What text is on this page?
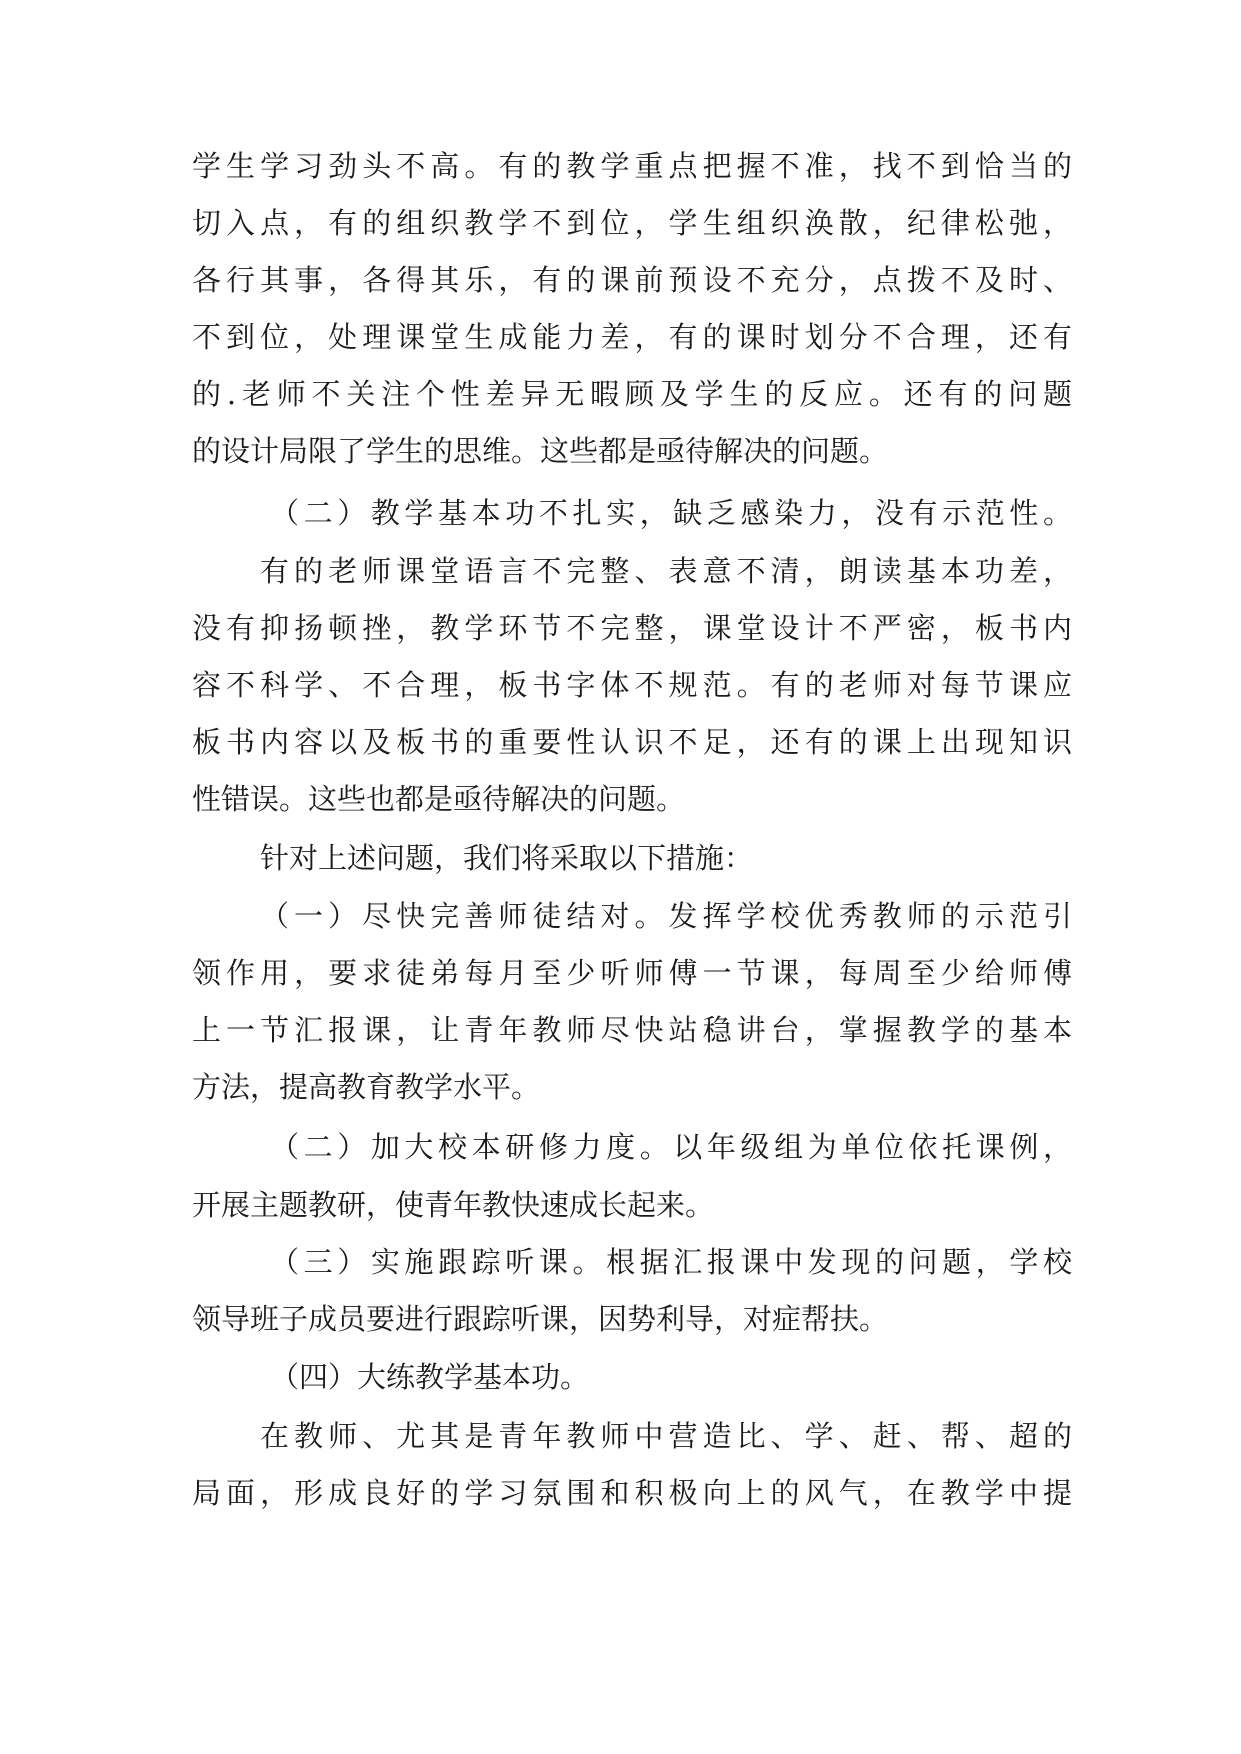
学生学习劲头不高。有的教学重点把握不准，找不到恰当的
切入点，有的组织教学不到位，学生组织涣散，纪律松弛，
各行其事，各得其乐，有的课前预设不充分，点拨不及时、
不到位，处理课堂生成能力差，有的课时划分不合理，还有
的.老师不关注个性差异无暇顾及学生的反应。还有的问题
的设计局限了学生的思维。这些都是亟待解决的问题。
（二）教学基本功不扎实，缺乏感染力，没有示范性。
有的老师课堂语言不完整、表意不清，朗读基本功差，
没有抑扬顿挫，教学环节不完整，课堂设计不严密，板书内
容不科学、不合理，板书字体不规范。有的老师对每节课应
板书内容以及板书的重要性认识不足，还有的课上出现知识
性错误。这些也都是亟待解决的问题。
针对上述问题，我们将采取以下措施：
（一）尽快完善师徒结对。发挥学校优秀教师的示范引
领作用，要求徒弟每月至少听师傅一节课，每周至少给师傅
上一节汇报课，让青年教师尽快站稳讲台，掌握教学的基本
方法，提高教育教学水平。
（二）加大校本研修力度。以年级组为单位依托课例，
开展主题教研，使青年教快速成长起来。
（三）实施跟踪听课。根据汇报课中发现的问题，学校
领导班子成员要进行跟踪听课，因势利导，对症帮扶。
（四）大练教学基本功。
在教师、尤其是青年教师中营造比、学、赶、帮、超的
局面，形成良好的学习氛围和积极向上的风气，在教学中提
